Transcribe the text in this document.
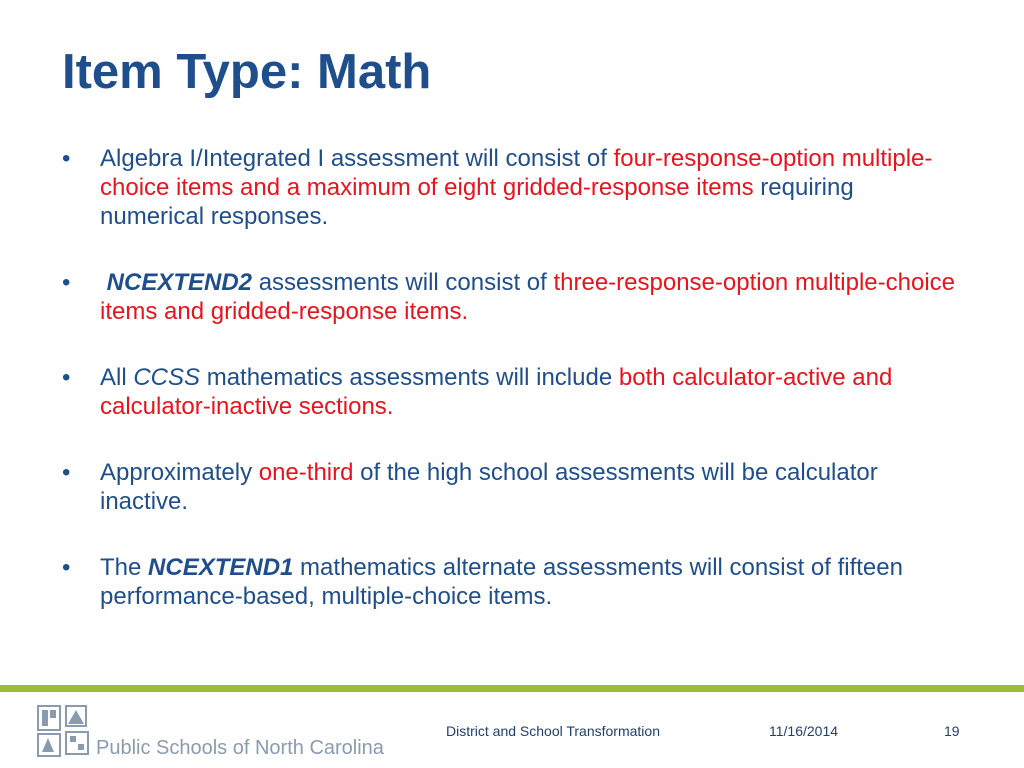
Item Type: Math
• Algebra I/Integrated I assessment will consist of four-response-option multiple-choice items and a maximum of eight gridded-response items requiring numerical responses.
• NCEXTEND2 assessments will consist of three-response-option multiple-choice items and gridded-response items.
• All CCSS mathematics assessments will include both calculator-active and calculator-inactive sections.
• Approximately one-third of the high school assessments will be calculator inactive.
• The NCEXTEND1 mathematics alternate assessments will consist of fifteen performance-based, multiple-choice items.
Public Schools of North Carolina
District and School Transformation	11/16/2014	19
